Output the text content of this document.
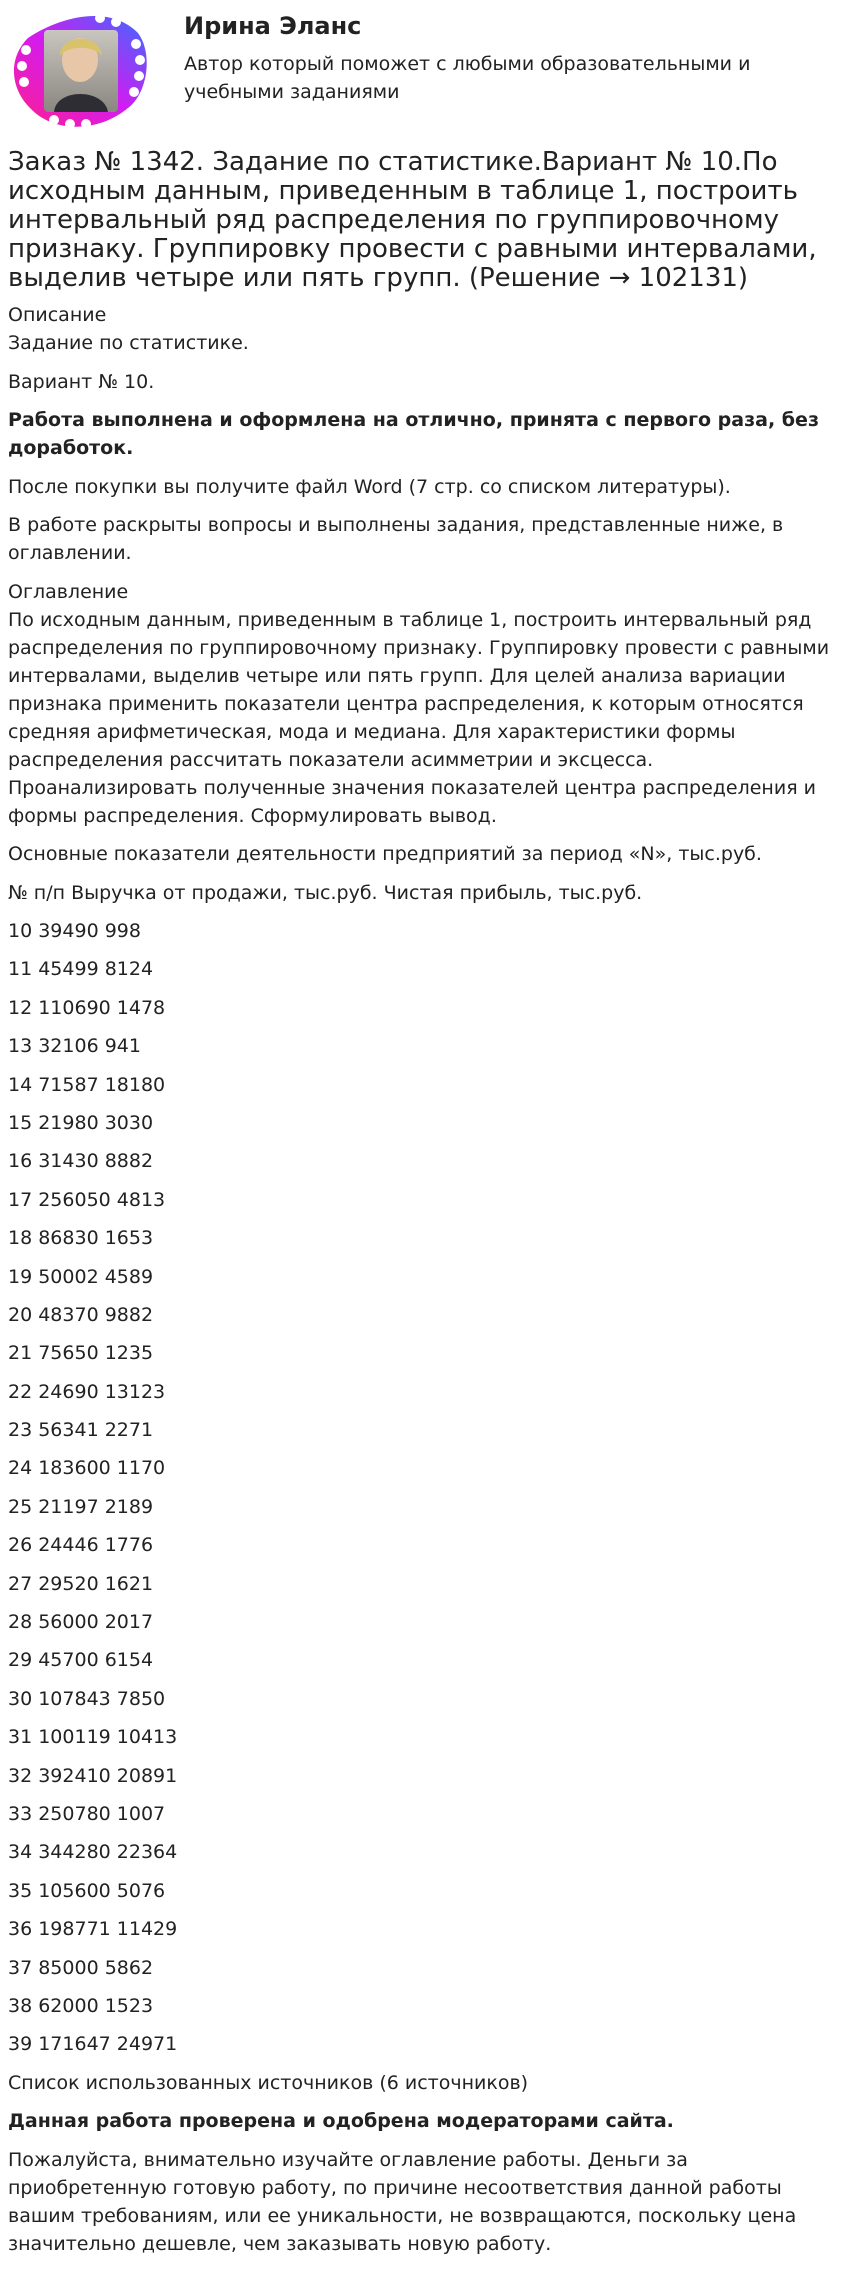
Ирина Эланс
Автор который поможет с любыми образовательными и учебными заданиями
Заказ № 1342. Задание по статистике.Вариант № 10.По исходным данным, приведенным в таблице 1, построить интервальный ряд распределения по группировочному признаку. Группировку провести с равными интервалами, выделив четыре или пять групп. (Решение → 102131)
Описание

Задание по статистике.

Вариант № 10.

Работа выполнена и оформлена на отлично, принята с первого раза, без доработок.

После покупки вы получите файл Word (7 стр. со списком литературы).

В работе раскрыты вопросы и выполнены задания, представленные ниже, в оглавлении.

Оглавление

По исходным данным, приведенным в таблице 1, построить интервальный ряд распределения по группировочному признаку. Группировку провести с равными интервалами, выделив четыре или пять групп. Для целей анализа вариации признака применить показатели центра распределения, к которым относятся средняя арифметическая, мода и медиана. Для характеристики формы распределения рассчитать показатели асимметрии и эксцесса. Проанализировать полученные значения показателей центра распределения и формы распределения. Сформулировать вывод.

Основные показатели деятельности предприятий за период «N», тыс.руб.

№ п/п Выручка от продажи, тыс.руб. Чистая прибыль, тыс.руб.

10 39490 998
11 45499 8124
12 110690 1478
13 32106 941
14 71587 18180
15 21980 3030
16 31430 8882
17 256050 4813
18 86830 1653
19 50002 4589
20 48370 9882
21 75650 1235
22 24690 13123
23 56341 2271
24 183600 1170
25 21197 2189
26 24446 1776
27 29520 1621
28 56000 2017
29 45700 6154
30 107843 7850
31 100119 10413
32 392410 20891
33 250780 1007
34 344280 22364
35 105600 5076
36 198771 11429
37 85000 5862
38 62000 1523
39 171647 24971
Список использованных источников (6 источников)

Данная работа проверена и одобрена модераторами сайта.

Пожалуйста, внимательно изучайте оглавление работы. Деньги за приобретенную готовую работу, по причине несоответствия данной работы вашим требованиям, или ее уникальности, не возвращаются, поскольку цена значительно дешевле, чем заказывать новую работу.
